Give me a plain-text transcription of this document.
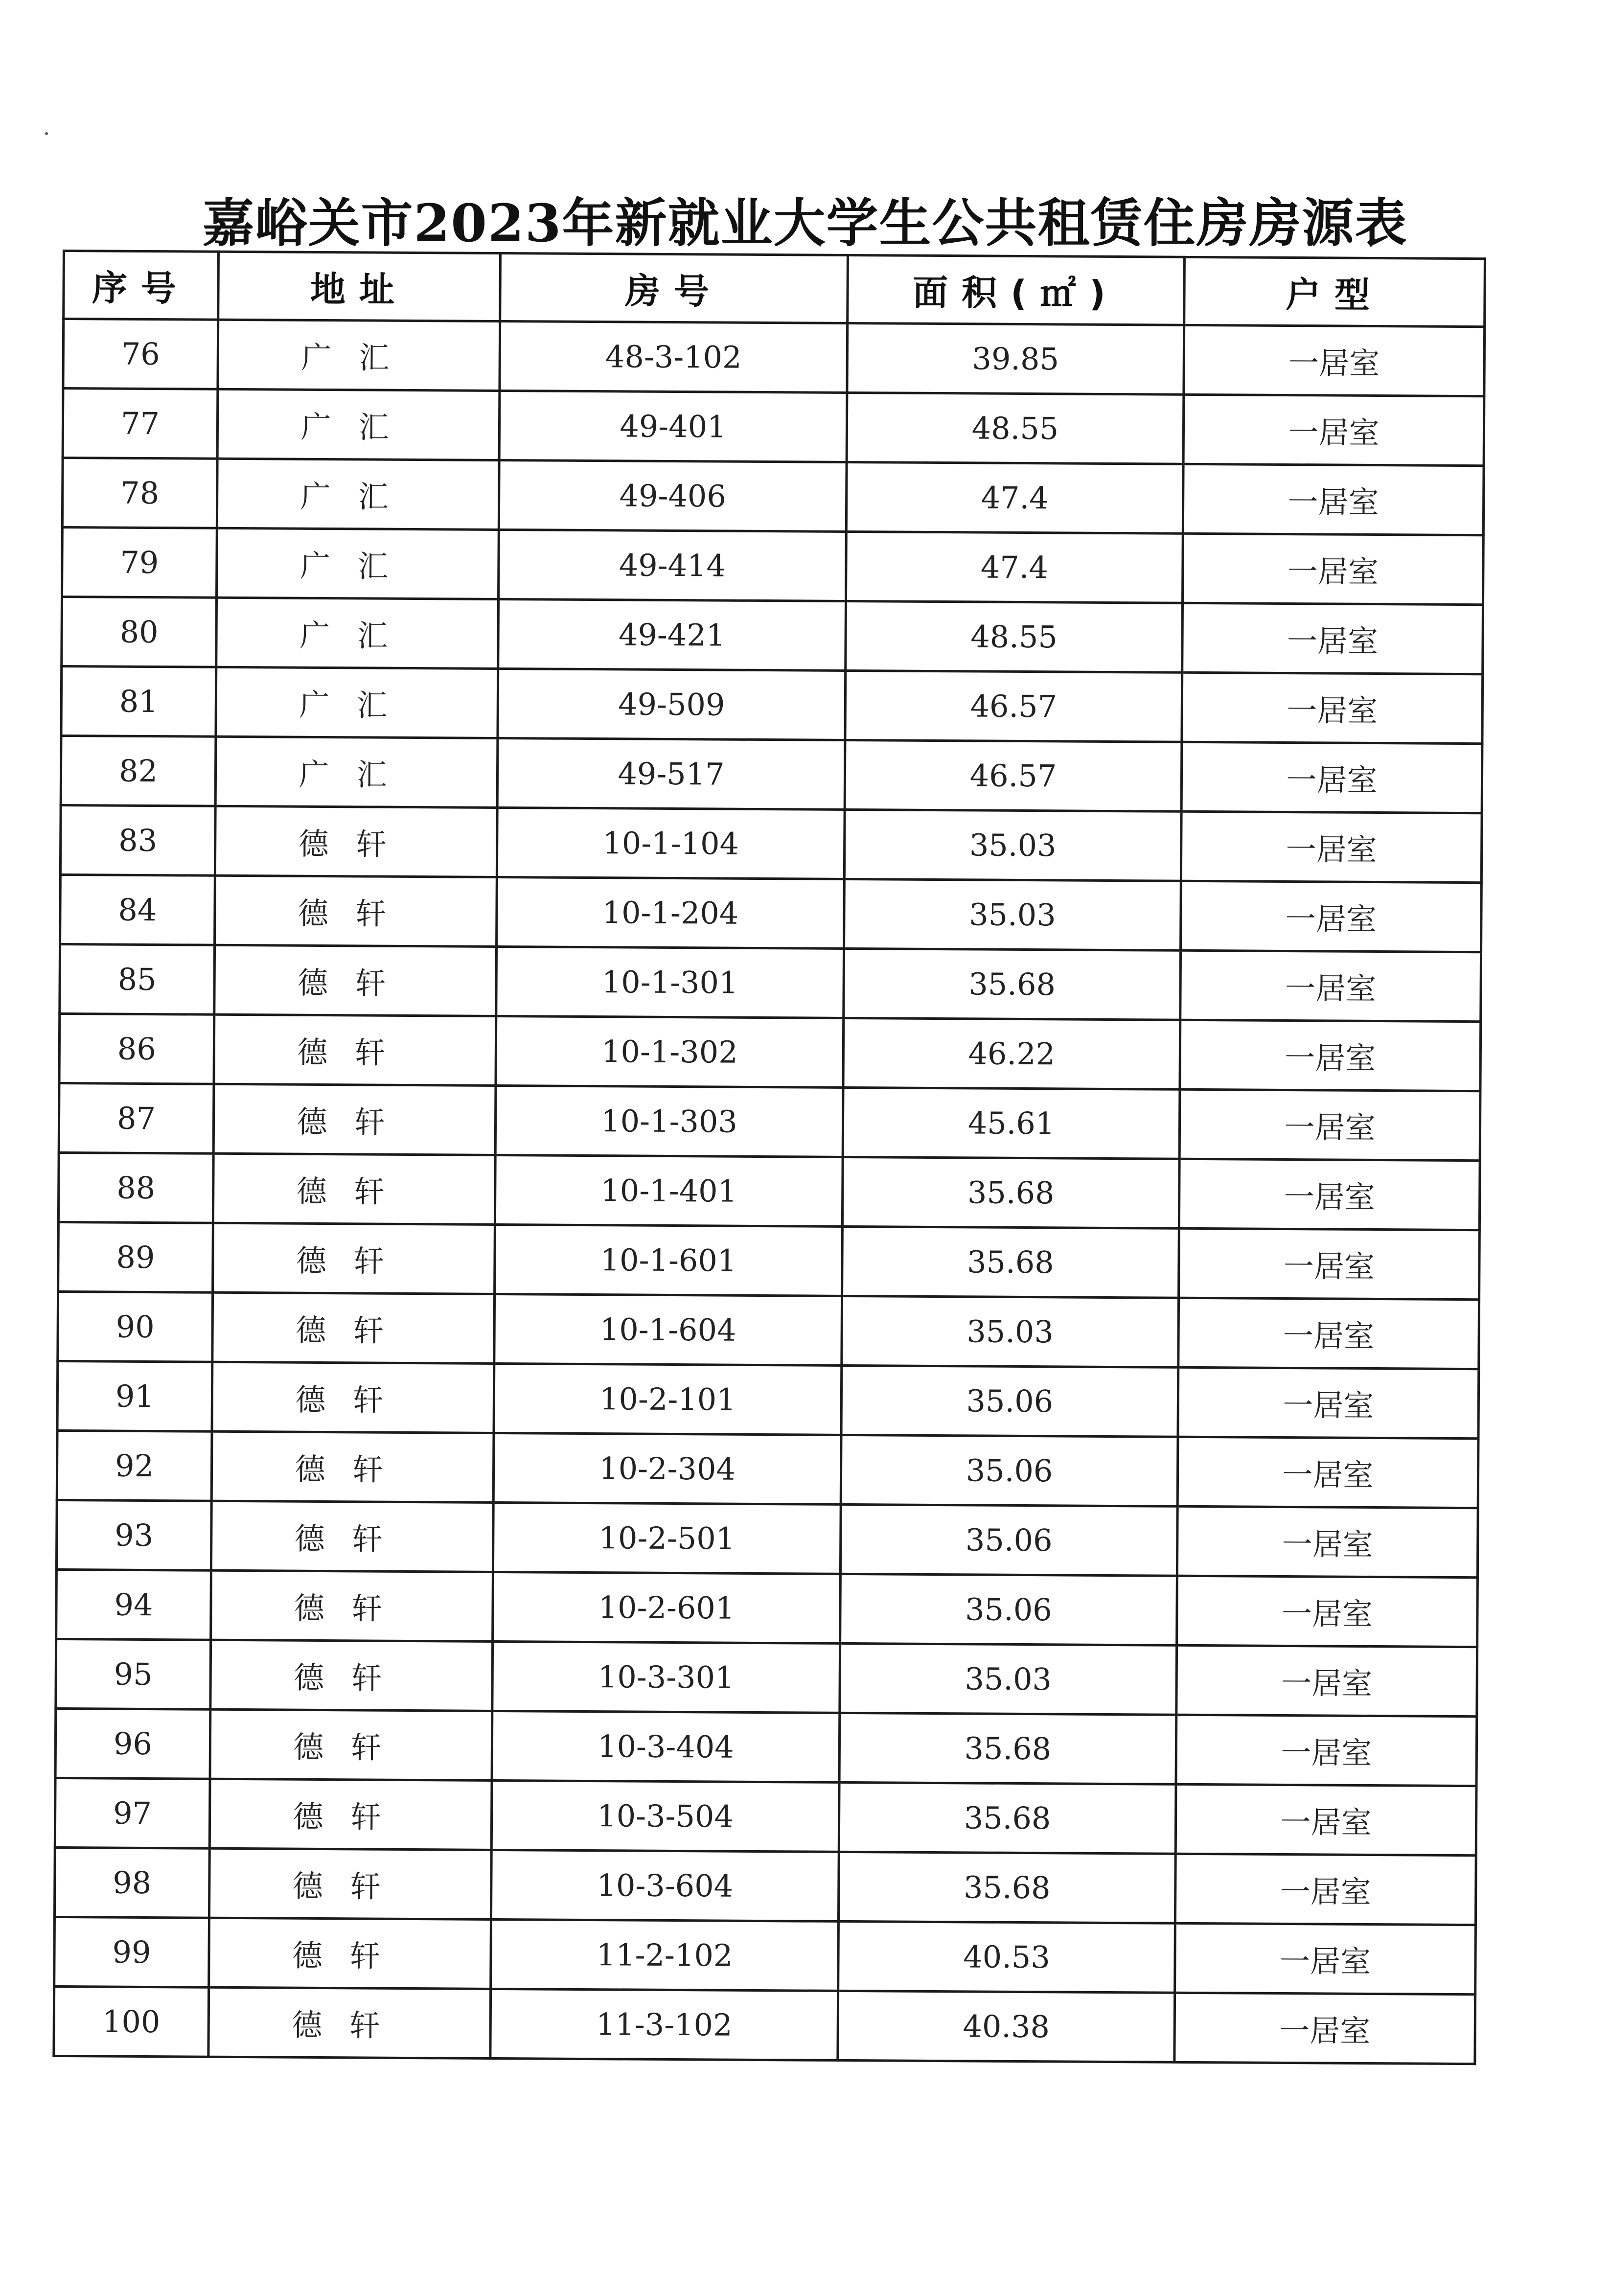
嘉峪关市2023年新就业大学生公共租赁住房房源表
序号	地址	房号	面积(㎡)	户型
76	广汇	48-3-102	39.85	一居室
77	广汇	49-401	48.55	一居室
78	广汇	49-406	47.4	一居室
79	广汇	49-414	47.4	一居室
80	广汇	49-421	48.55	一居室
81	广汇	49-509	46.57	一居室
82	广汇	49-517	46.57	一居室
83	德轩	10-1-104	35.03	一居室
84	德轩	10-1-204	35.03	一居室
85	德轩	10-1-301	35.68	一居室
86	德轩	10-1-302	46.22	一居室
87	德轩	10-1-303	45.61	一居室
88	德轩	10-1-401	35.68	一居室
89	德轩	10-1-601	35.68	一居室
90	德轩	10-1-604	35.03	一居室
91	德轩	10-2-101	35.06	一居室
92	德轩	10-2-304	35.06	一居室
93	德轩	10-2-501	35.06	一居室
94	德轩	10-2-601	35.06	一居室
95	德轩	10-3-301	35.03	一居室
96	德轩	10-3-404	35.68	一居室
97	德轩	10-3-504	35.68	一居室
98	德轩	10-3-604	35.68	一居室
99	德轩	11-2-102	40.53	一居室
100	德轩	11-3-102	40.38	一居室
